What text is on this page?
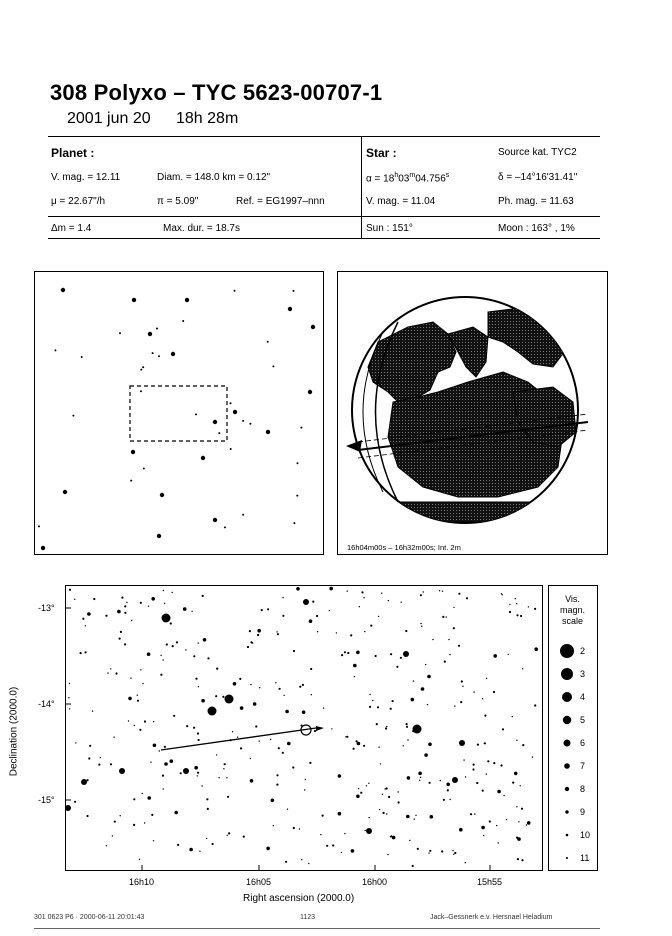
308 Polyxo – TYC 5623-00707-1
2001 jun 20 18h 28m
Planet :
V. mag. = 12.11	Diam. = 148.0 km = 0.12"
μ = 22.67"/h	π = 5.09"	Ref. = EG1997–nnn
Δm = 1.4	Max. dur. = 18.7s
Star :	Source kat. TYC2
$\alpha = 18^h03^m04.756^s$	δ = –14°16'31.41"
V. mag. = 11.04	Ph. mag. = 11.63
Sun : 151°	Moon : 163° , 1%
16h04m00s – 16h32m00s; Int. 2m
-13°
-14°
-15°
16h10	16h05	16h00	15h55
Right ascension (2000.0)
Declination (2000.0)
Vis.
magn.
scale
2
3
4
5
6
7
8
9
10
11
301 0623 P6 · 2000-06-11 20:01:43	1123	Jack–Gessnerk e.v. Hersnael Heladium
